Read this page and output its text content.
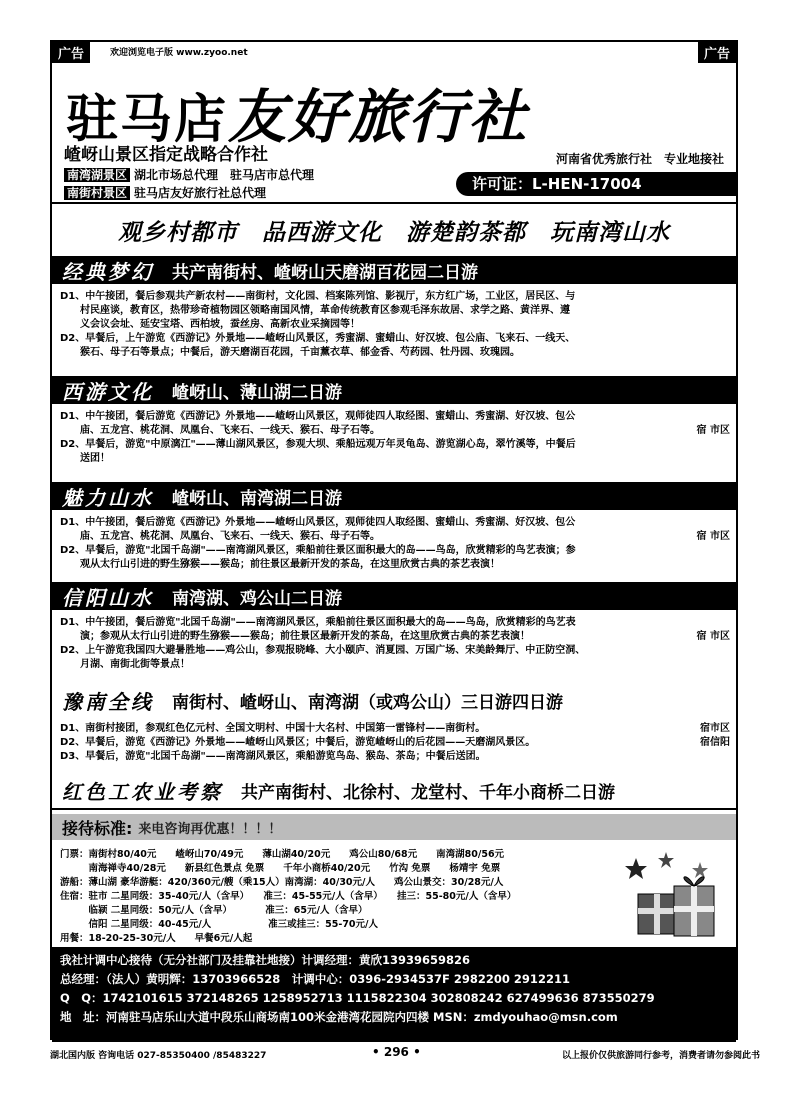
广告	广告
欢迎浏览电子版 www.zyoo.net
驻马店友好旅行社
嵖岈山景区指定战略合作社
南湾湖景区 湖北市场总代理　驻马店市总代理
南街村景区 驻马店友好旅行社总代理
河南省优秀旅行社　专业地接社
许可证：L-HEN-17004
观乡村都市　品西游文化　游楚韵茶都　玩南湾山水
经典梦幻 共产南街村、嵖岈山天磨湖百花园二日游
D1、中午接团，餐后参观共产新农村——南街村，文化园、档案陈列馆、影视厅，东方红广场，工业区，居民区、与
　　村民座谈，教育区，热带珍奇植物园区领略南国风情，革命传统教育区参观毛泽东故居、求学之路、黄洋界、遵
　　义会议会址、延安宝塔、西柏坡，蚕丝房、高新农业采摘园等！
D2、早餐后，上午游览《西游记》外景地——嵖岈山风景区，秀蜜湖、蜜蜡山、好汉坡、包公庙、飞来石、一线天、
　　猴石、母子石等景点；中餐后，游天磨湖百花园，千亩薰衣草、郁金香、芍药园、牡丹园、玫瑰园。
西游文化 嵖岈山、薄山湖二日游
D1、中午接团，餐后游览《西游记》外景地——嵖岈山风景区，观师徒四人取经图、蜜蜡山、秀蜜湖、好汉坡、包公
　　庙、五龙宫、桃花洞、凤凰台、飞来石、一线天、猴石、母子石等。	宿 市区
D2、早餐后，游览"中原漓江"——薄山湖风景区，参观大坝、乘船远观万年灵龟岛、游览湖心岛，翠竹溪等，中餐后
　　送团！
魅力山水 嵖岈山、南湾湖二日游
D1、中午接团，餐后游览《西游记》外景地——嵖岈山风景区，观师徒四人取经图、蜜蜡山、秀蜜湖、好汉坡、包公
　　庙、五龙宫、桃花洞、凤凰台、飞来石、一线天、猴石、母子石等。	宿 市区
D2、早餐后，游览"北国千岛湖"——南湾湖风景区，乘船前往景区面积最大的岛——鸟岛，欣赏精彩的鸟艺表演；参
　　观从太行山引进的野生猕猴——猴岛；前往景区最新开发的茶岛，在这里欣赏古典的茶艺表演！
信阳山水 南湾湖、鸡公山二日游
D1、中午接团，餐后游览"北国千岛湖"——南湾湖风景区，乘船前往景区面积最大的岛——鸟岛，欣赏精彩的鸟艺表
　　演；参观从太行山引进的野生猕猴——猴岛；前往景区最新开发的茶岛，在这里欣赏古典的茶艺表演！	宿 市区
D2、上午游览我国四大避暑胜地——鸡公山，参观报晓峰、大小颐庐、消夏园、万国广场、宋美龄舞厅、中正防空洞、
　　月湖、南街北街等景点！
豫南全线 南街村、嵖岈山、南湾湖（或鸡公山）三日游四日游
D1、南街村接团，参观红色亿元村、全国文明村、中国十大名村、中国第一雷锋村——南街村。	宿市区
D2、早餐后，游览《西游记》外景地——嵖岈山风景区；中餐后，游览嵖岈山的后花园——天磨湖风景区。	宿信阳
D3、早餐后，游览"北国千岛湖"——南湾湖风景区，乘船游览鸟岛、猴岛、茶岛；中餐后送团。
红色工农业考察 共产南街村、北徐村、龙堂村、千年小商桥二日游
接待标准: 来电咨询再优惠！！！！
门票：南街村80/40元　　嵖岈山70/49元　　薄山湖40/20元　　鸡公山80/68元　　南湾湖80/56元
　　　南海禅寺40/28元　　新县红色景点 免票　　千年小商桥40/20元　　竹沟 免票　　杨靖宇 免票
游船：薄山湖 豪华游艇：420/360元/艘（乘15人）南湾湖：40/30元/人　　鸡公山景交：30/28元/人
住宿：驻市 二星同级：35-40元/人（含早）　　准三：45-55元/人（含早）　　挂三：55-80元/人（含早）
　　　临颍 二星同级：50元/人（含早）　　　　准三：65元/人（含早）
　　　信阳 二星同级：40-45元/人　　　　　　准三或挂三：55-70元/人
用餐：18-20-25-30元/人　　早餐6元/人起
我社计调中心接待（无分社部门及挂靠社地接）计调经理：黄欣13939659826
总经理：（法人）黄明辉：13703966528　计调中心：0396-2934537F 2982200 2912211
Q　Q：1742101615 372148265 1258952713 1115822304 302808242 627499636 873550279
地　址：河南驻马店乐山大道中段乐山商场南100米金港湾花园院内四楼 MSN：zmdyouhao@msn.com
湖北国内版 咨询电话 027-85350400 /85483227	• 296 •	以上报价仅供旅游同行参考，消费者请勿参阅此书
